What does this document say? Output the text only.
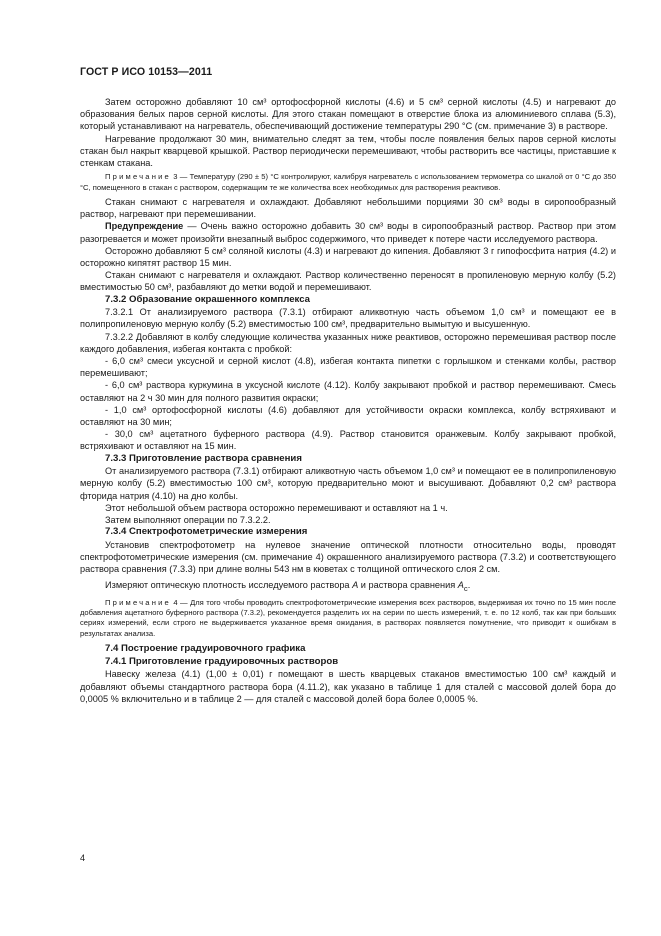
ГОСТ Р ИСО 10153—2011

Затем осторожно добавляют 10 см³ ортофосфорной кислоты (4.6) и 5 см³ серной кислоты (4.5) и нагревают до образования белых паров серной кислоты. Для этого стакан помещают в отверстие блока из алюминиевого сплава (5.3), который устанавливают на нагреватель, обеспечивающий достижение температуры 290 °С (см. примечание 3) в растворе.

Нагревание продолжают 30 мин, внимательно следят за тем, чтобы после появления белых паров серной кислоты стакан был накрыт кварцевой крышкой. Раствор периодически перемешивают, чтобы растворить все частицы, приставшие к стенкам стакана.

Примечание 3 — Температуру (290 ± 5) °С контролируют, калибруя нагреватель с использованием термометра со шкалой от 0 °С до 350 °С, помещенного в стакан с раствором, содержащим те же количества всех необходимых для растворения реактивов.

Стакан снимают с нагревателя и охлаждают. Добавляют небольшими порциями 30 см³ воды в сиропообразный раствор, нагревают при перемешивании.

Предупреждение — Очень важно осторожно добавить 30 см³ воды в сиропообразный раствор. Раствор при этом разогревается и может произойти внезапный выброс содержимого, что приведет к потере части исследуемого раствора.

Осторожно добавляют 5 см³ соляной кислоты (4.3) и нагревают до кипения. Добавляют 3 г гипофосфита натрия (4.2) и осторожно кипятят раствор 15 мин.

Стакан снимают с нагревателя и охлаждают. Раствор количественно переносят в пропиленовую мерную колбу (5.2) вместимостью 50 см³, разбавляют до метки водой и перемешивают.

7.3.2 Образование окрашенного комплекса

7.3.2.1 От анализируемого раствора (7.3.1) отбирают аликвотную часть объемом 1,0 см³ и помещают ее в полипропиленовую мерную колбу (5.2) вместимостью 100 см³, предварительно вымытую и высушенную.

7.3.2.2 Добавляют в колбу следующие количества указанных ниже реактивов, осторожно перемешивая раствор после каждого добавления, избегая контакта с пробкой:

- 6,0 см³ смеси уксусной и серной кислот (4.8), избегая контакта пипетки с горлышком и стенками колбы, раствор перемешивают;

- 6,0 см³ раствора куркумина в уксусной кислоте (4.12). Колбу закрывают пробкой и раствор перемешивают. Смесь оставляют на 2 ч 30 мин для полного развития окраски;

- 1,0 см³ ортофосфорной кислоты (4.6) добавляют для устойчивости окраски комплекса, колбу встряхивают и оставляют на 30 мин;

- 30,0 см³ ацетатного буферного раствора (4.9). Раствор становится оранжевым. Колбу закрывают пробкой, встряхивают и оставляют на 15 мин.

7.3.3 Приготовление раствора сравнения

От анализируемого раствора (7.3.1) отбирают аликвотную часть объемом 1,0 см³ и помещают ее в полипропиленовую мерную колбу (5.2) вместимостью 100 см³, которую предварительно моют и высушивают. Добавляют 0,2 см³ раствора фторида натрия (4.10) на дно колбы.

Этот небольшой объем раствора осторожно перемешивают и оставляют на 1 ч.

Затем выполняют операции по 7.3.2.2.

7.3.4 Спектрофотометрические измерения

Установив спектрофотометр на нулевое значение оптической плотности относительно воды, проводят спектрофотометрические измерения (см. примечание 4) окрашенного анализируемого раствора (7.3.2) и соответствующего раствора сравнения (7.3.3) при длине волны 543 нм в кюветах с толщиной оптического слоя 2 см.

Измеряют оптическую плотность исследуемого раствора A и раствора сравнения $A_c$.

Примечание 4 — Для того чтобы проводить спектрофотометрические измерения всех растворов, выдерживая их точно по 15 мин после добавления ацетатного буферного раствора (7.3.2), рекомендуется разделить их на серии по шесть измерений, т. е. по 12 колб, так как при больших сериях измерений, если строго не выдерживается указанное время ожидания, в растворах появляется помутнение, что приводит к ошибкам в результатах анализа.

7.4 Построение градуировочного графика
7.4.1 Приготовление градуировочных растворов

Навеску железа (4.1) (1,00 ± 0,01) г помещают в шесть кварцевых стаканов вместимостью 100 см³ каждый и добавляют объемы стандартного раствора бора (4.11.2), как указано в таблице 1 для сталей с массовой долей бора до 0,0005 % включительно и в таблице 2 — для сталей с массовой долей бора более 0,0005 %.

4
